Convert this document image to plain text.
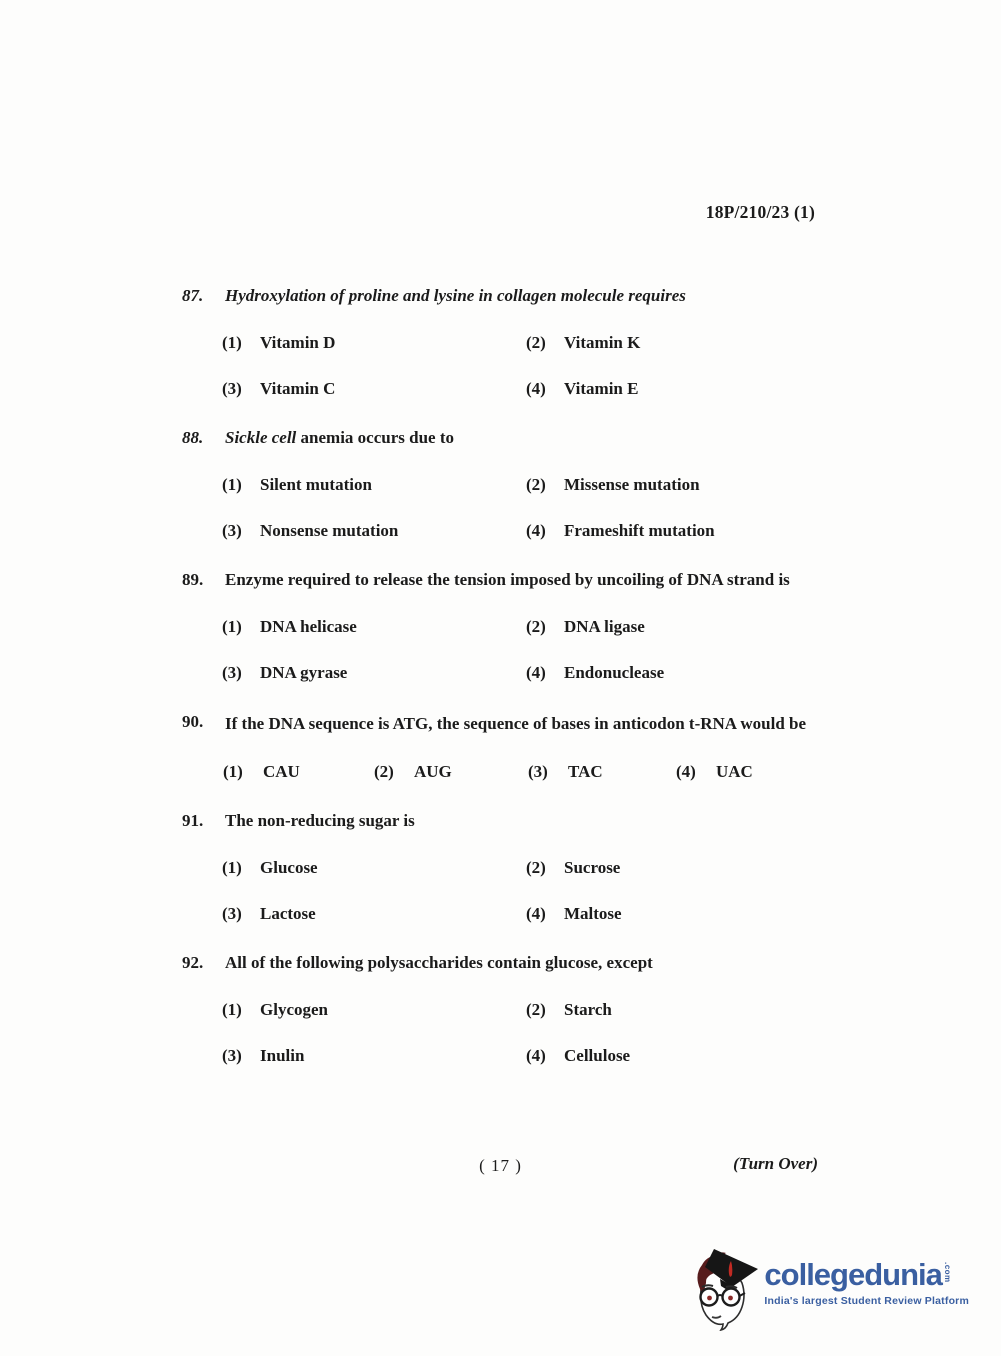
18P/210/23 (1)
87.	Hydroxylation of proline and lysine in collagen molecule requires
(1)	Vitamin D	(2)	Vitamin K
(3)	Vitamin C	(4)	Vitamin E
88.	Sickle cell anemia occurs due to
(1)	Silent mutation	(2)	Missense mutation
(3)	Nonsense mutation	(4)	Frameshift mutation
89.	Enzyme required to release the tension imposed by uncoiling of DNA strand is
(1)	DNA helicase	(2)	DNA ligase
(3)	DNA gyrase	(4)	Endonuclease
90.	If the DNA sequence is ATG, the sequence of bases in anticodon t-RNA would be
(1)	CAU	(2)	AUG	(3)	TAC	(4)	UAC
91.	The non-reducing sugar is
(1)	Glucose	(2)	Sucrose
(3)	Lactose	(4)	Maltose
92.	All of the following polysaccharides contain glucose, except
(1)	Glycogen	(2)	Starch
(3)	Inulin	(4)	Cellulose
( 17 )	(Turn Over)
collegedunia .com
India's largest Student Review Platform
